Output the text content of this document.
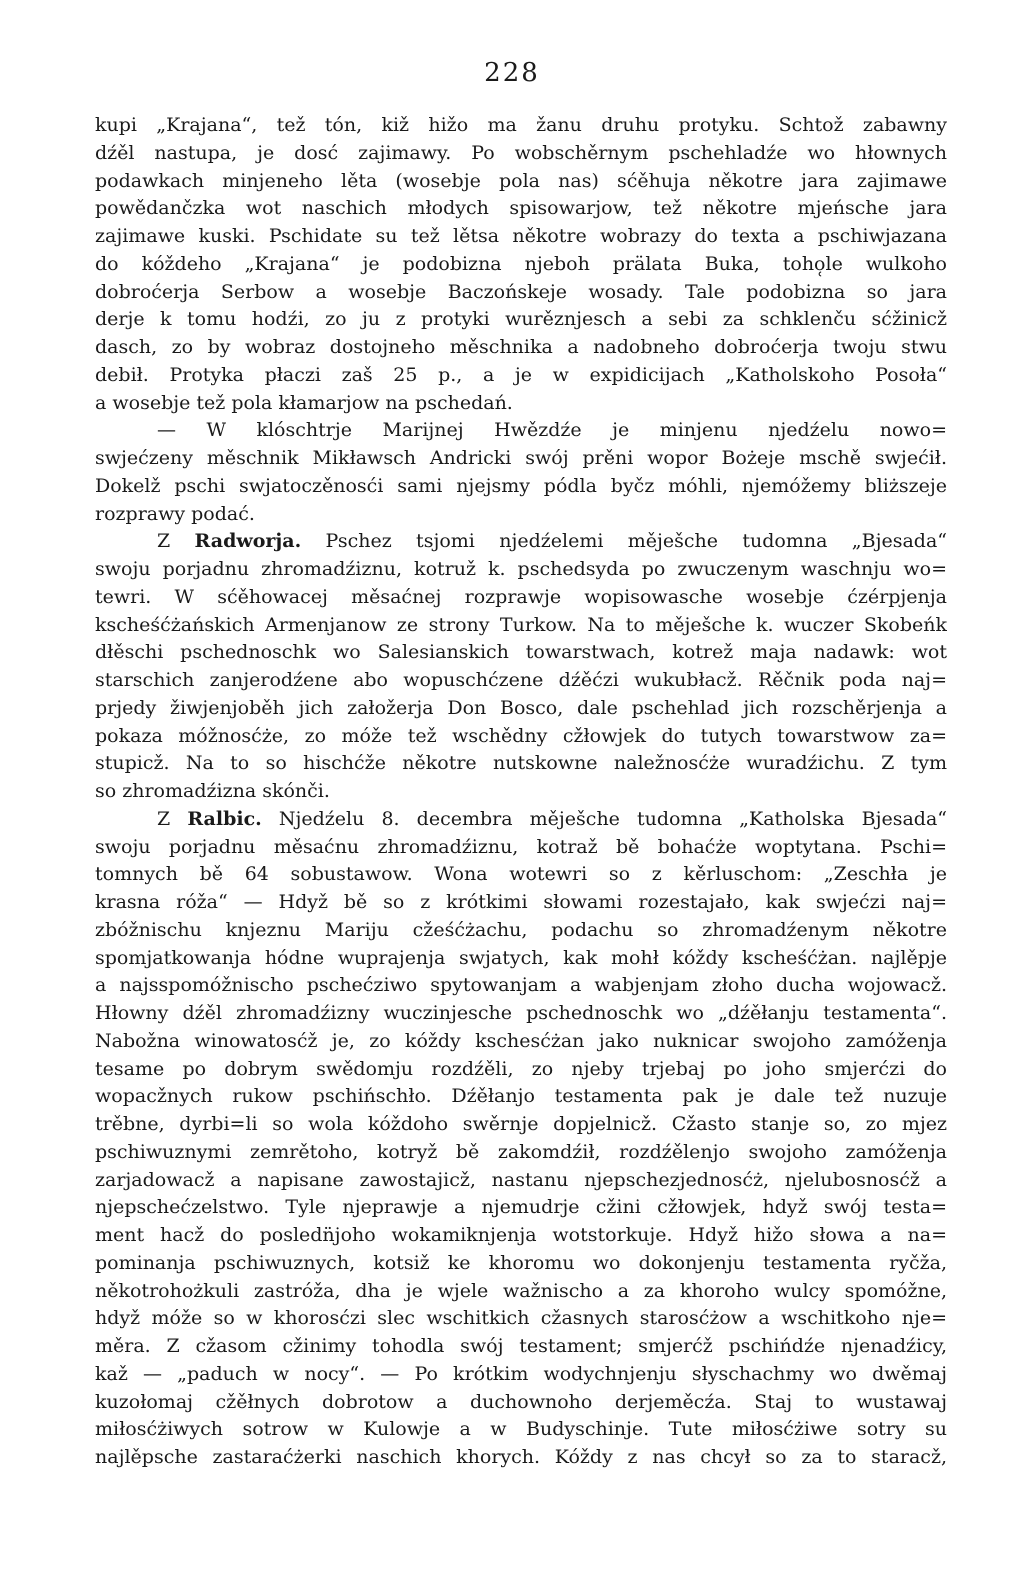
228
kupi „Krajana“, tež tón, kiž hižo ma žanu druhu protyku. Schtož zabawny
dźěl nastupa, je dosć zajimawy. Po wobschěrnym pschehladźe wo hłownych
podawkach minjeneho lěta (wosebje pola nas) sćěhuja někotre jara zajimawe
powědančzka wot naschich młodych spisowarjow, tež někotre mjeńsche jara
zajimawe kuski. Pschidate su tež lětsa někotre wobrazy do texta a pschiwjazana
do kóždeho „Krajana“ je podobizna njeboh prälata Buka, toho̜le wulkoho
dobroćerja Serbow a wosebje Baczońskeje wosady. Tale podobizna so jara
derje k tomu hodźi, zo ju z protyki wurěznjesch a sebi za schklenču sćžinicž
dasch, zo by wobraz dostojneho měschnika a nadobneho dobroćerja twoju stwu
debił. Protyka płaczi zaš 25 p., a je w expidicijach „Katholskoho Posoła“
a wosebje tež pola kłamarjow na pschedań.
— W klóschtrje Marijnej Hwězdźe je minjenu njedźelu nowo=
swjećzeny měschnik Mikławsch Andricki swój prěni wopor Bożeje mschě swjećił.
Dokelž pschi swjatoczěnosći sami njejsmy pódla byčz móhli, njemóžemy bliższeje
rozprawy podać.
Z Radworja. Pschez tsjomi njedźelemi měješche tudomna „Bjesada“
swoju porjadnu zhromadźiznu, kotruž k. pschedsyda po zwuczenym waschnju wo=
tewri. W sćěhowacej měsaćnej rozprawje wopisowasche wosebje ćzérpjenja
kscheśćżańskich Armenjanow ze strony Turkow. Na to měješche k. wuczer Skobeńk
dłěschi pschednoschk wo Salesianskich towarstwach, kotrež maja nadawk: wot
starschich zanjerodźene abo wopuschćzene dźěćzi wukubłacž. Rěčnik poda naj=
prjedy žiwjenjoběh jich załožerja Don Bosco, dale pschehlad jich rozschěrjenja a
pokaza móžnosćże, zo móže tež wschědny cžłowjek do tutych towarstwow za=
stupicž. Na to so hischćže někotre nutskowne naležnosćże wuradźichu. Z tym
so zhromadźizna skónči.
Z Ralbic. Njedźelu 8. decembra měješche tudomna „Katholska Bjesada“
swoju porjadnu měsaćnu zhromadźiznu, kotraž bě bohaćże woptytana. Pschi=
tomnych bě 64 sobustawow. Wona wotewri so z kěrluschom: „Zeschła je
krasna róža“ — Hdyž bě so z krótkimi słowami rozestajało, kak swjećzi naj=
zbóžnischu knjeznu Mariju cžeśćżachu, podachu so zhromadźenym někotre
spomjatkowanja hódne wuprajenja swjatych, kak mohł kóždy kscheśćżan. najlěpje
a najsspomóžnischo pschećziwo spytowanjam a wabjenjam złoho ducha wojowacž.
Hłowny dźěl zhromadźizny wuczinjesche pschednoschk wo „dźěłanju testamenta“.
Nabožna winowatosćž je, zo kóždy kschesćżan jako nuknicar swojoho zamóženja
tesame po dobrym swědomju rozdźěli, zo njeby trjebaj po joho smjerćzi do
wopacžnych rukow pschińschło. Dźěłanjo testamenta pak je dale tež nuzuje
trěbne, dyrbi=li so wola kóždoho swěrnje dopjelnicž. Cžasto stanje so, zo mjez
pschiwuznymi zemrětoho, kotryž bě zakomdźił, rozdźělenjo swojoho zamóženja
zarjadowacž a napisane zawostajicž, nastanu njepschezjednosćż, njelubosnosćž a
njepschećzelstwo. Tyle njeprawje a njemudrje cžini cžłowjek, hdyž swój testa=
ment hacž do posledn̈joho wokamiknjenja wotstorkuje. Hdyž hižo słowa a na=
pominanja pschiwuznych, kotsiž ke khoromu wo dokonjenju testamenta ryčža,
někotrohożkuli zastróža, dha je wjele wažnischo a za khoroho wulcy spomóžne,
hdyž móže so w khorosćzi slec wschitkich cžasnych starosćżow a wschitkoho nje=
měra. Z cžasom cžinimy tohodla swój testament; smjerćž pschińdźe njenadźicy,
kaž — „paduch w nocy“. — Po krótkim wodychnjenju słyschachmy wo dwěmaj
kuzołomaj cžěłnych dobrotow a duchownoho derjeměcźa. Staj to wustawaj
miłosćżiwych sotrow w Kulowje a w Budyschinje. Tute miłosćżiwe sotry su
najlěpsche zastaraćżerki naschich khorych. Kóždy z nas chcył so za to staracž,
